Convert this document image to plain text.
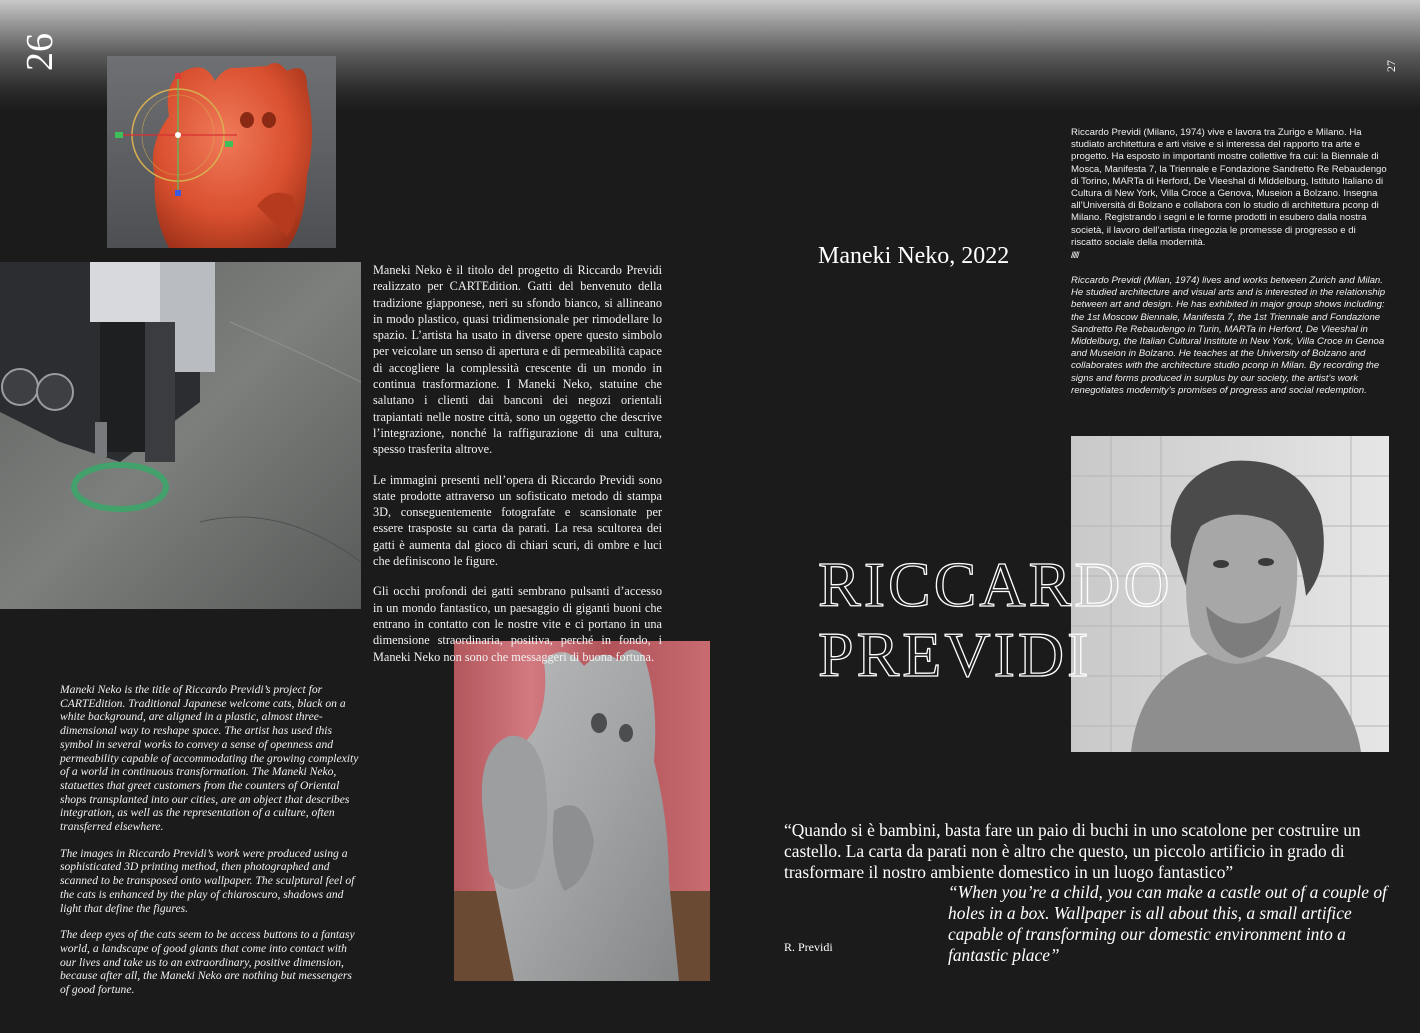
26	27

Maneki Neko è il titolo del progetto di Riccardo Previdi realizzato per CARTEdition. Gatti del benvenuto della tradizione giapponese, neri su sfondo bianco, si allineano in modo plastico, quasi tridimensionale per rimodellare lo spazio. L’artista ha usato in diverse opere questo simbolo per veicolare un senso di apertura e di permeabilità capace di accogliere la complessità crescente di un mondo in continua trasformazione. I Maneki Neko, statuine che salutano i clienti dai banconi dei negozi orientali trapiantati nelle nostre città, sono un oggetto che descrive l’integrazione, nonché la raffigurazione di una cultura, spesso trasferita altrove.

Le immagini presenti nell’opera di Riccardo Previdi sono state prodotte attraverso un sofisticato metodo di stampa 3D, conseguentemente fotografate e scansionate per essere trasposte su carta da parati. La resa scultorea dei gatti è aumenta dal gioco di chiari scuri, di ombre e luci che definiscono le figure.

Gli occhi profondi dei gatti sembrano pulsanti d’accesso in un mondo fantastico, un paesaggio di giganti buoni che entrano in contatto con le nostre vite e ci portano in una dimensione straordinaria, positiva, perché in fondo, i Maneki Neko non sono che messaggeri di buona fortuna.

Maneki Neko is the title of Riccardo Previdi’s project for CARTEdition. Traditional Japanese welcome cats, black on a white background, are aligned in a plastic, almost three-dimensional way to reshape space. The artist has used this symbol in several works to convey a sense of openness and permeability capable of accommodating the growing complexity of a world in continuous transformation. The Maneki Neko, statuettes that greet customers from the counters of Oriental shops transplanted into our cities, are an object that describes integration, as well as the representation of a culture, often transferred elsewhere.

The images in Riccardo Previdi’s work were produced using a sophisticated 3D printing method, then photographed and scanned to be transposed onto wallpaper. The sculptural feel of the cats is enhanced by the play of chiaroscuro, shadows and light that define the figures.

The deep eyes of the cats seem to be access buttons to a fantasy world, a landscape of good giants that come into contact with our lives and take us to an extraordinary, positive dimension, because after all, the Maneki Neko are nothing but messengers of good fortune.

Riccardo Previdi (Milano, 1974) vive e lavora tra Zurigo e Milano. Ha studiato architettura e arti visive e si interessa del rapporto tra arte e progetto. Ha esposto in importanti mostre collettive fra cui: la Biennale di Mosca, Manifesta 7, la Triennale e Fondazione Sandretto Re Rebaudengo di Torino, MARTa di Herford, De Vleeshal di Middelburg, Istituto Italiano di Cultura di New York, Villa Croce a Genova, Museion a Bolzano. Insegna all’Università di Bolzano e collabora con lo studio di architettura pconp di Milano. Registrando i segni e le forme prodotti in esubero dalla nostra società, il lavoro dell’artista rinegozia le promesse di progresso e di riscatto sociale della modernità.
/////
Riccardo Previdi (Milan, 1974) lives and works between Zurich and Milan. He studied architecture and visual arts and is interested in the relationship between art and design. He has exhibited in major group shows including: the 1st Moscow Biennale, Manifesta 7, the 1st Triennale and Fondazione Sandretto Re Rebaudengo in Turin, MARTa in Herford, De Vleeshal in Middelburg, the Italian Cultural Institute in New York, Villa Croce in Genoa and Museion in Bolzano. He teaches at the University of Bolzano and collaborates with the architecture studio pconp in Milan. By recording the signs and forms produced in surplus by our society, the artist’s work renegotiates modernity’s promises of progress and social redemption.
Maneki Neko, 2022
RICCARDO
PREVIDI
“Quando si è bambini, basta fare un paio di buchi in uno scatolone per costruire un castello. La carta da parati non è altro che questo, un piccolo artificio in grado di trasformare il nostro ambiente domestico in un luogo fantastico”
“When you’re a child, you can make a castle out of a couple of holes in a box. Wallpaper is all about this, a small artifice capable of transforming our domestic environment into a fantastic place”
R. Previdi
